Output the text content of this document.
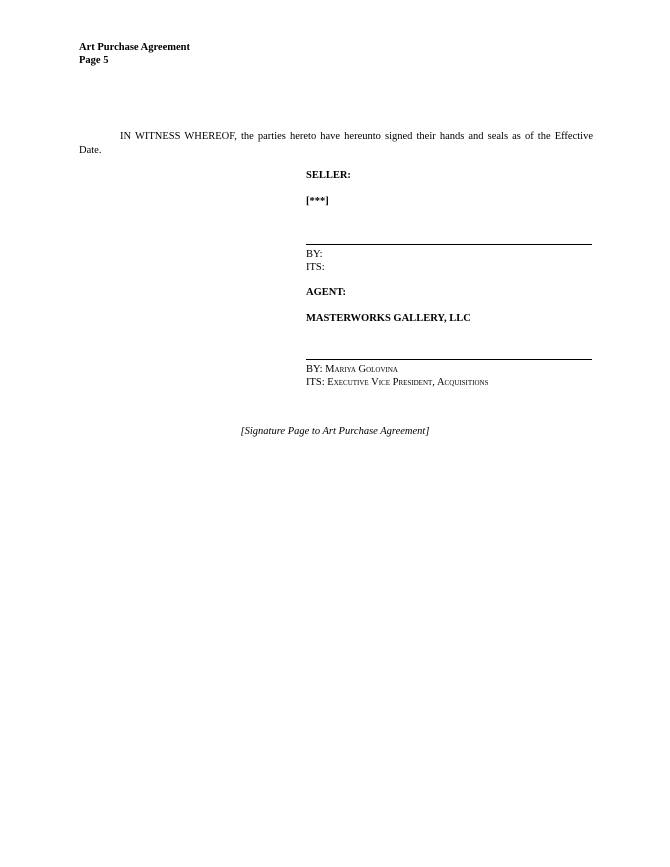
Art Purchase Agreement
Page 5
IN WITNESS WHEREOF, the parties hereto have hereunto signed their hands and seals as of the Effective Date.
SELLER:
[***]
BY:
ITS:
AGENT:
MASTERWORKS GALLERY, LLC
BY: Mariya Golovina
ITS: Executive Vice President, Acquisitions
[Signature Page to Art Purchase Agreement]
